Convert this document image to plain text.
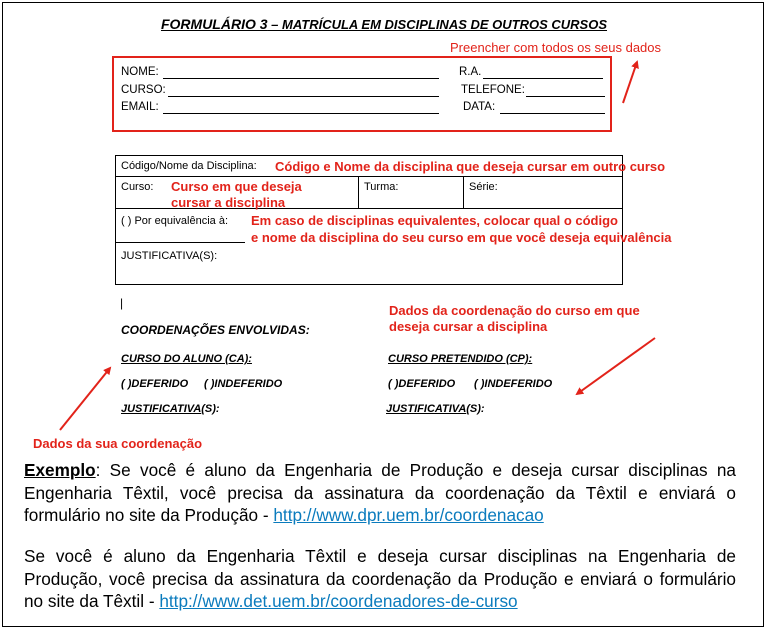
FORMULÁRIO 3 – MATRÍCULA EM DISCIPLINAS DE OUTROS CURSOS
Preencher com todos os seus dados
NOME:	R.A.
CURSO:	TELEFONE:
EMAIL:	DATA:
Código/Nome da Disciplina:
Curso:	Turma:	Série:
( ) Por equivalência à:
JUSTIFICATIVA(S):
Código e Nome da disciplina que deseja cursar em outro curso
Curso em que deseja
cursar a disciplina
Em caso de disciplinas equivalentes, colocar qual o código
e nome da disciplina do seu curso em que você deseja equivalência
|	Dados da coordenação do curso em que
deseja cursar a disciplina
COORDENAÇÕES ENVOLVIDAS:
CURSO DO ALUNO (CA):
( )DEFERIDO ( )INDEFERIDO
JUSTIFICATIVA(S):
CURSO PRETENDIDO (CP):
( )DEFERIDO ( )INDEFERIDO
JUSTIFICATIVA(S):
Dados da sua coordenação
Exemplo: Se você é aluno da Engenharia de Produção e deseja cursar disciplinas na Engenharia Têxtil, você precisa da assinatura da coordenação da Têxtil e enviará o formulário no site da Produção - http://www.dpr.uem.br/coordenacao
Se você é aluno da Engenharia Têxtil e deseja cursar disciplinas na Engenharia de Produção, você precisa da assinatura da coordenação da Produção e enviará o formulário no site da Têxtil - http://www.det.uem.br/coordenadores-de-curso
